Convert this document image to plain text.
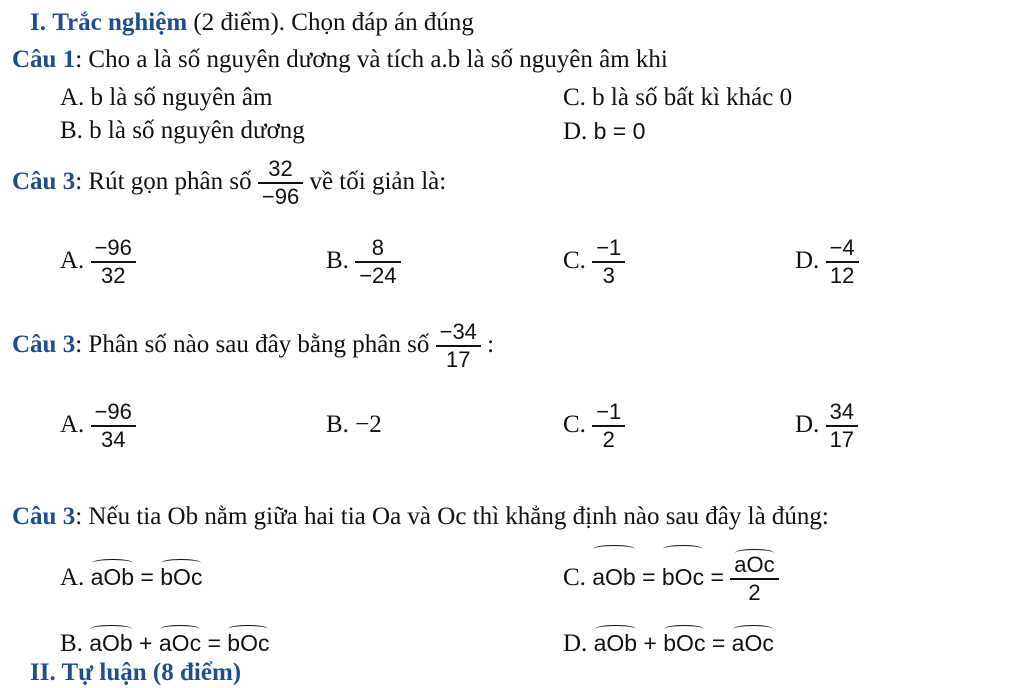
I. Trắc nghiệm (2 điểm). Chọn đáp án đúng
Câu 1: Cho a là số nguyên dương và tích a.b là số nguyên âm khi
A. b là số nguyên âm
B. b là số nguyên dương
C. b là số bất kì khác 0
D. b = 0
Câu 3: Rút gọn phân số $\frac{32}{-96}$ về tối giản là:
A. $\frac{-96}{32}$	B. $\frac{8}{-24}$	C. $\frac{-1}{3}$	D. $\frac{-4}{12}$
Câu 3: Phân số nào sau đây bằng phân số $\frac{-34}{17}$ :
A. $\frac{-96}{34}$	B. −2	C. $\frac{-1}{2}$	D. $\frac{34}{17}$
Câu 3: Nếu tia Ob nằm giữa hai tia Oa và Oc thì khẳng định nào sau đây là đúng:
A. aOb = bOc	C. aOb = bOc = $\frac{\text{aOc}}{2}$
B. aOb + aOc = bOc	D. aOb + bOc = aOc
II. Tự luận (8 điểm)
